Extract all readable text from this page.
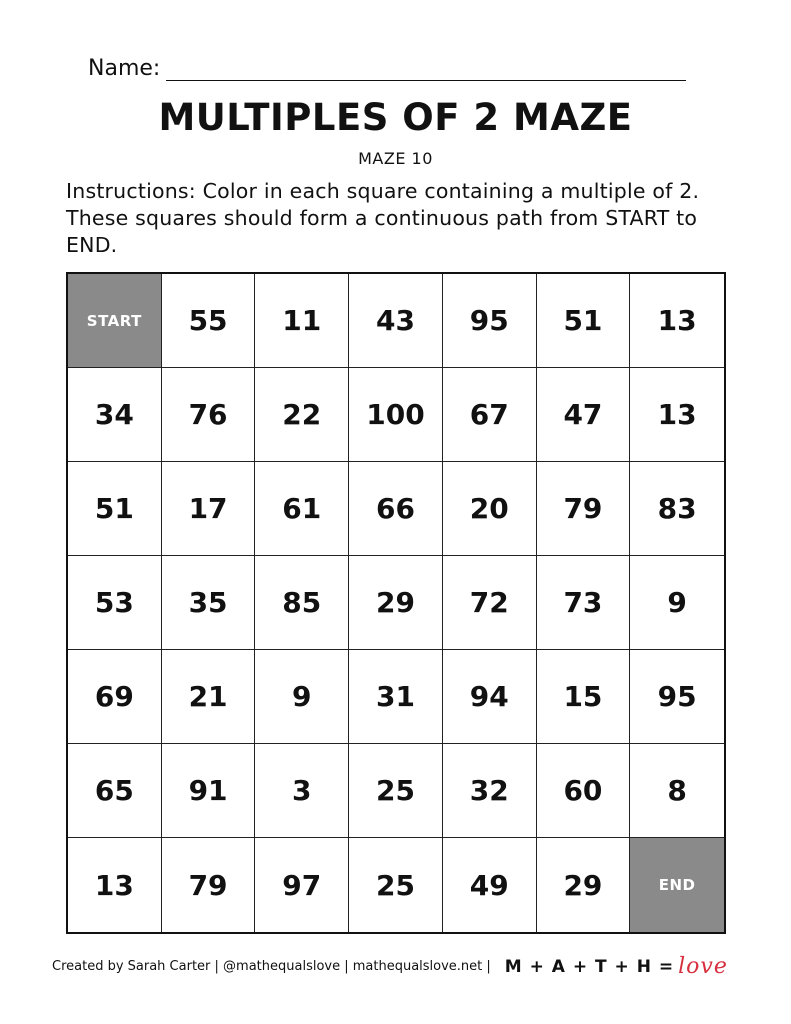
Name:
MULTIPLES OF 2 MAZE
MAZE 10
Instructions: Color in each square containing a multiple of 2. These squares should form a continuous path from START to END.
START	55	11	43	95	51	13
34	76	22	100	67	47	13
51	17	61	66	20	79	83
53	35	85	29	72	73	9
69	21	9	31	94	15	95
65	91	3	25	32	60	8
13	79	97	25	49	29	END
Created by Sarah Carter | @mathequalslove | mathequalslove.net | M + A + T + H = love
